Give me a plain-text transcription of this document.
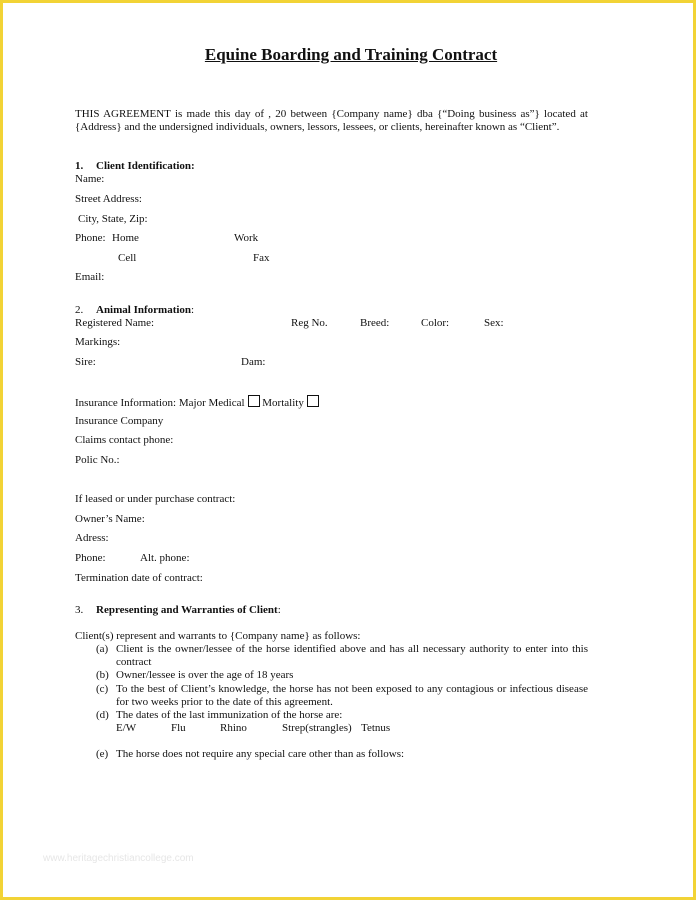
Equine Boarding and Training Contract
THIS AGREEMENT is made this day of , 20 between {Company name} dba {“Doing business as”} located at {Address} and the undersigned individuals, owners, lessors, lessees, or clients, hereinafter known as “Client”.
1. Client Identification:
Name:
Street Address:
City, State, Zip:
Phone: Home	Work
Cell	Fax
Email:
2. Animal Information:
Registered Name:	Reg No.	Breed:	Color:	Sex:
Markings:
Sire:	Dam:
Insurance Information: Major Medical Mortality
Insurance Company
Claims contact phone:
Polic No.:
If leased or under purchase contract:
Owner’s Name:
Adress:
Phone:	Alt. phone:
Termination date of contract:
3. Representing and Warranties of Client:
Client(s) represent and warrants to {Company name} as follows:
(a) Client is the owner/lessee of the horse identified above and has all necessary authority to enter into this contract
(b) Owner/lessee is over the age of 18 years
(c) To the best of Client’s knowledge, the horse has not been exposed to any contagious or infectious disease for two weeks prior to the date of this agreement.
(d) The dates of the last immunization of the horse are:
E/W	Flu	Rhino	Strep(strangles) Tetnus
(e) The horse does not require any special care other than as follows:
www.heritagechristiancollege.com
